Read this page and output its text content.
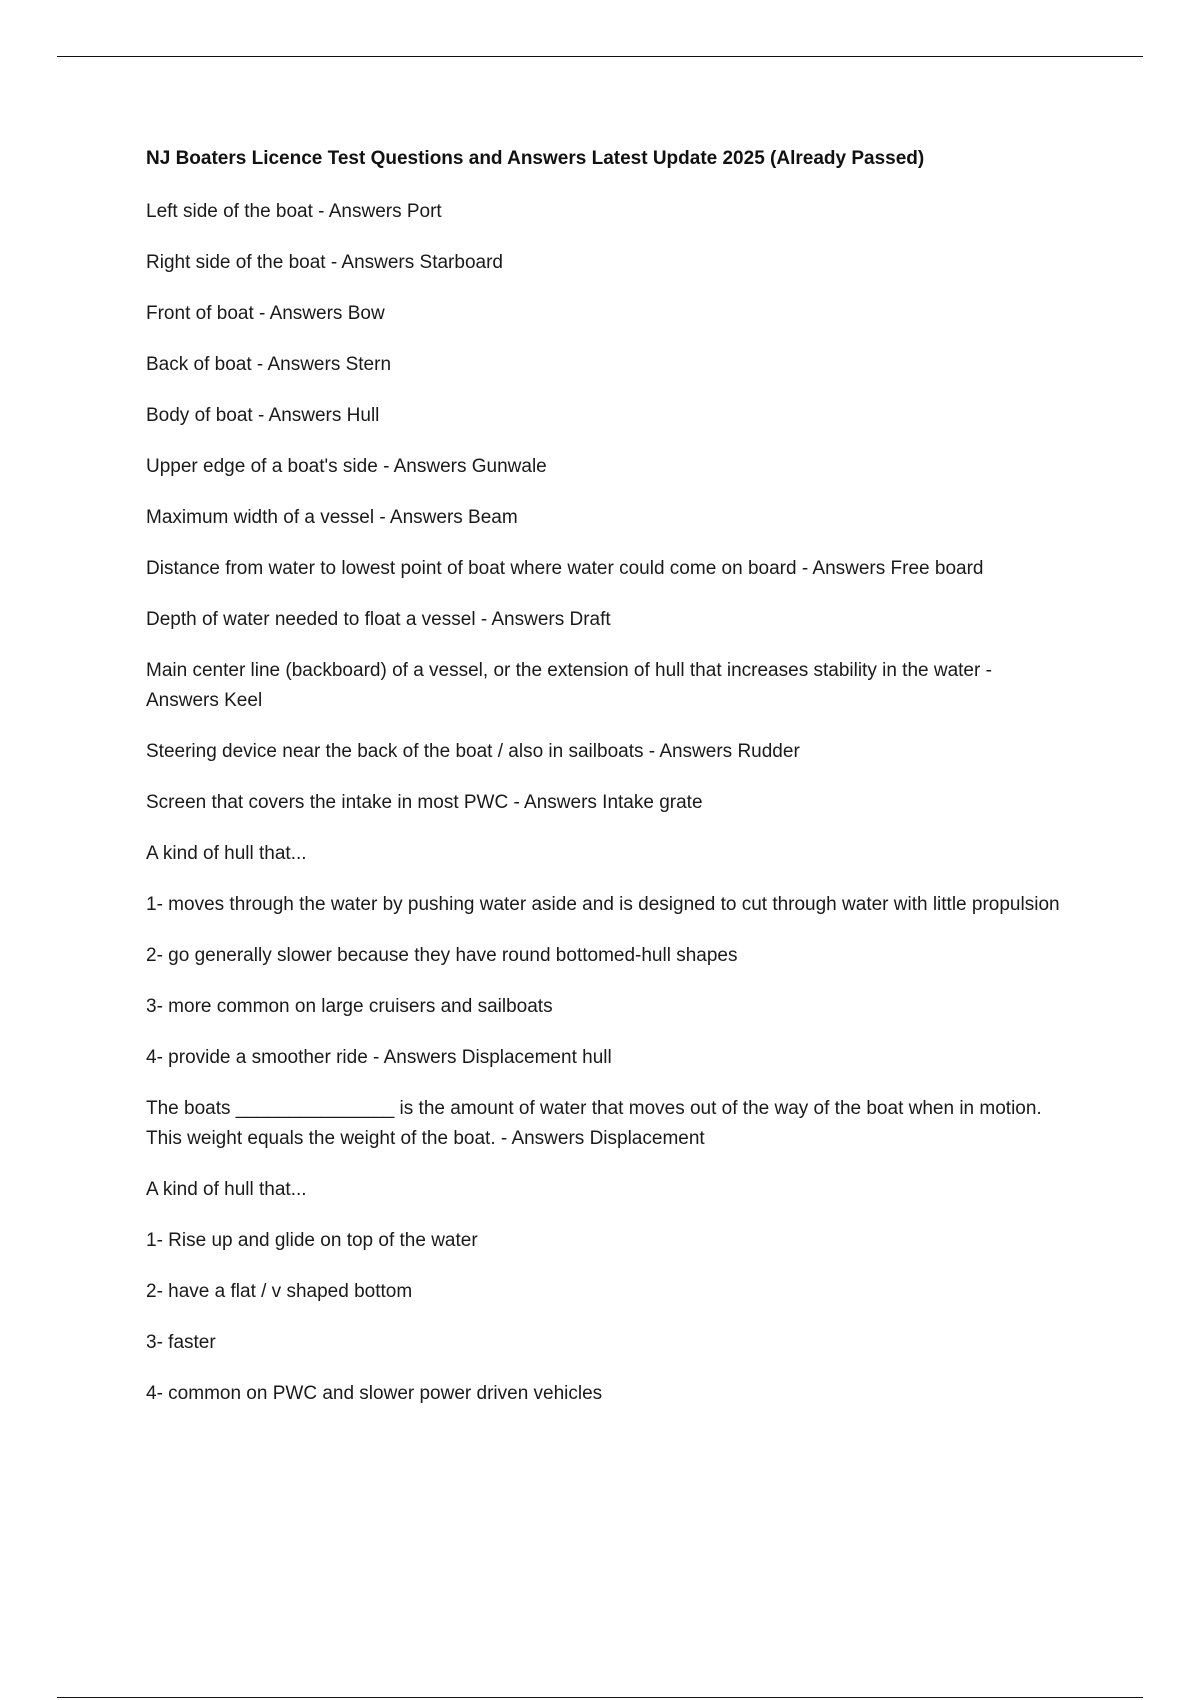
NJ Boaters Licence Test Questions and Answers Latest Update 2025 (Already Passed)
Left side of the boat - Answers Port
Right side of the boat - Answers Starboard
Front of boat - Answers Bow
Back of boat - Answers Stern
Body of boat - Answers Hull
Upper edge of a boat's side - Answers Gunwale
Maximum width of a vessel - Answers Beam
Distance from water to lowest point of boat where water could come on board - Answers Free board
Depth of water needed to float a vessel - Answers Draft
Main center line (backboard) of a vessel, or the extension of hull that increases stability in the water - Answers Keel
Steering device near the back of the boat / also in sailboats - Answers Rudder
Screen that covers the intake in most PWC - Answers Intake grate
A kind of hull that...
1- moves through the water by pushing water aside and is designed to cut through water with little propulsion
2- go generally slower because they have round bottomed-hull shapes
3- more common on large cruisers and sailboats
4- provide a smoother ride - Answers Displacement hull
The boats _______________ is the amount of water that moves out of the way of the boat when in motion. This weight equals the weight of the boat. - Answers Displacement
A kind of hull that...
1- Rise up and glide on top of the water
2- have a flat / v shaped bottom
3- faster
4- common on PWC and slower power driven vehicles
